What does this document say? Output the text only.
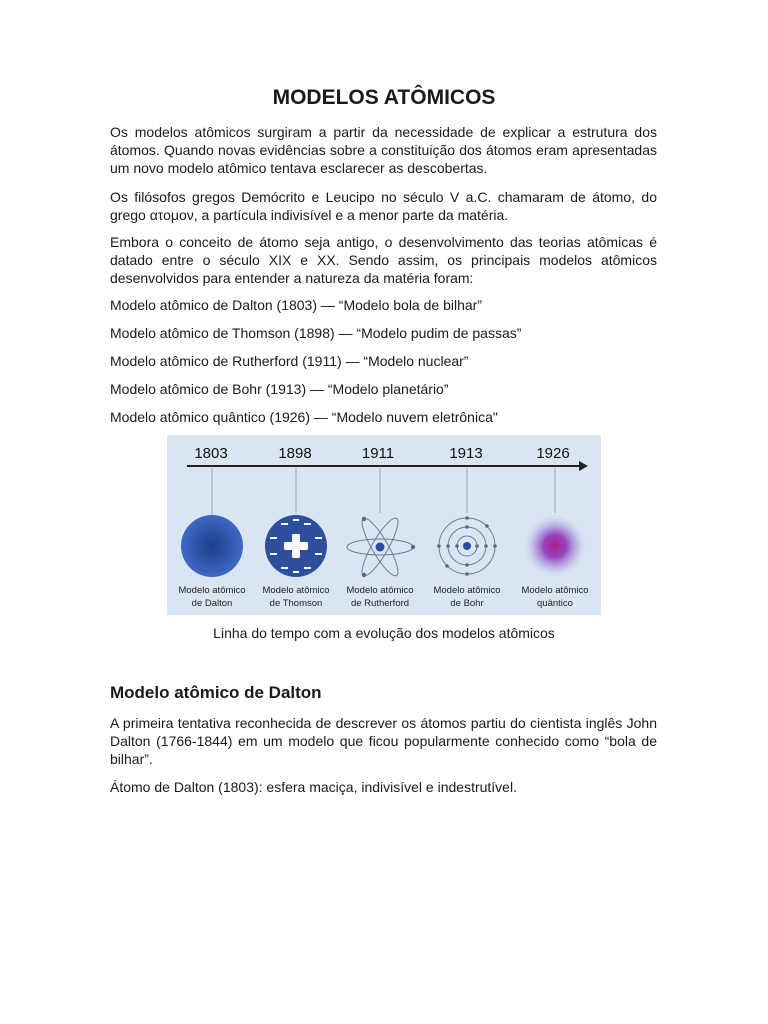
MODELOS ATÔMICOS

Os modelos atômicos surgiram a partir da necessidade de explicar a estrutura dos átomos. Quando novas evidências sobre a constituição dos átomos eram apresentadas um novo modelo atômico tentava esclarecer as descobertas.

Os filósofos gregos Demócrito e Leucipo no século V a.C. chamaram de átomo, do grego ατομον, a partícula indivisível e a menor parte da matéria.

Embora o conceito de átomo seja antigo, o desenvolvimento das teorias atômicas é datado entre o século XIX e XX. Sendo assim, os principais modelos atômicos desenvolvidos para entender a natureza da matéria foram:

Modelo atômico de Dalton (1803) — “Modelo bola de bilhar”

Modelo atômico de Thomson (1898) — “Modelo pudim de passas”

Modelo atômico de Rutherford (1911) — “Modelo nuclear”

Modelo atômico de Bohr (1913) — “Modelo planetário”

Modelo atômico quântico (1926) — “Modelo nuvem eletrônica"

1803	1898	1911	1913	1926
Modelo atômico
de Dalton
Modelo atômico
de Thomson
Modelo atômico
de Rutherford
Modelo atômico
de Bohr
Modelo atômico
quântico

Linha do tempo com a evolução dos modelos atômicos

Modelo atômico de Dalton

A primeira tentativa reconhecida de descrever os átomos partiu do cientista inglês John Dalton (1766-1844) em um modelo que ficou popularmente conhecido como “bola de bilhar”.

Átomo de Dalton (1803): esfera maciça, indivisível e indestrutível.
